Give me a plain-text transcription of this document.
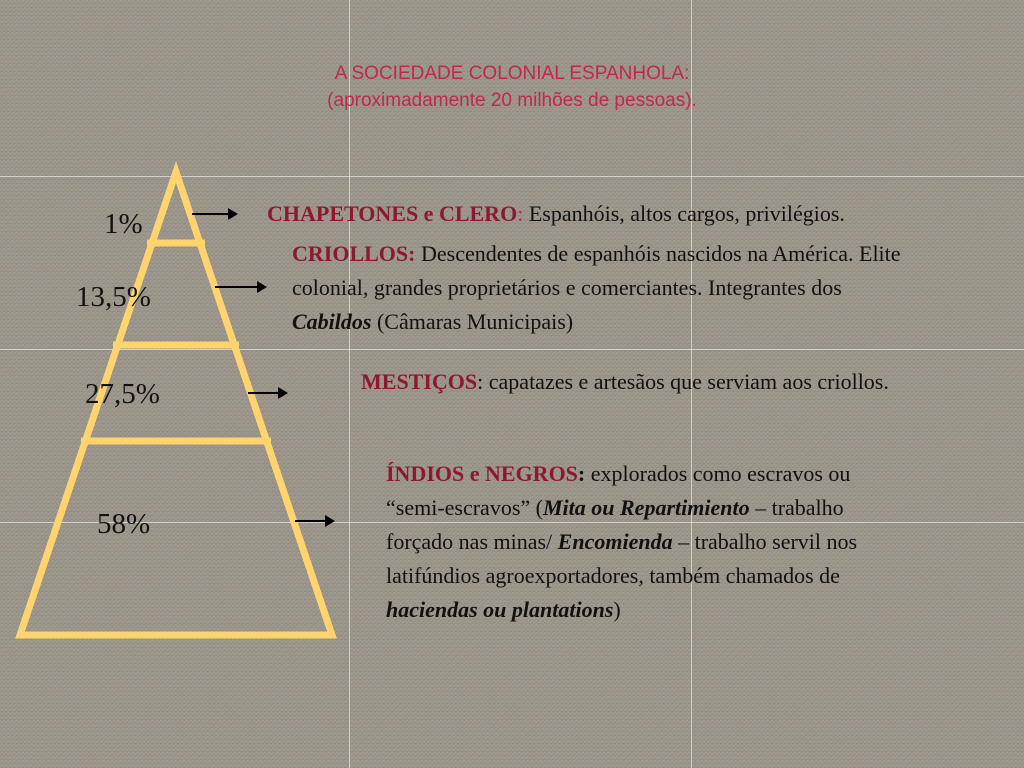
A SOCIEDADE COLONIAL ESPANHOLA:
(aproximadamente 20 milhões de pessoas).
1%
13,5%
27,5%
58%
CHAPETONES e CLERO: Espanhóis, altos cargos, privilégios.
CRIOLLOS: Descendentes de espanhóis nascidos na América. Elite colonial, grandes proprietários e comerciantes. Integrantes dos Cabildos (Câmaras Municipais)
MESTIÇOS: capatazes e artesãos que serviam aos criollos.
ÍNDIOS e NEGROS: explorados como escravos ou “semi-escravos” (Mita ou Repartimiento – trabalho forçado nas minas/ Encomienda – trabalho servil nos latifúndios agroexportadores, também chamados de haciendas ou plantations)
